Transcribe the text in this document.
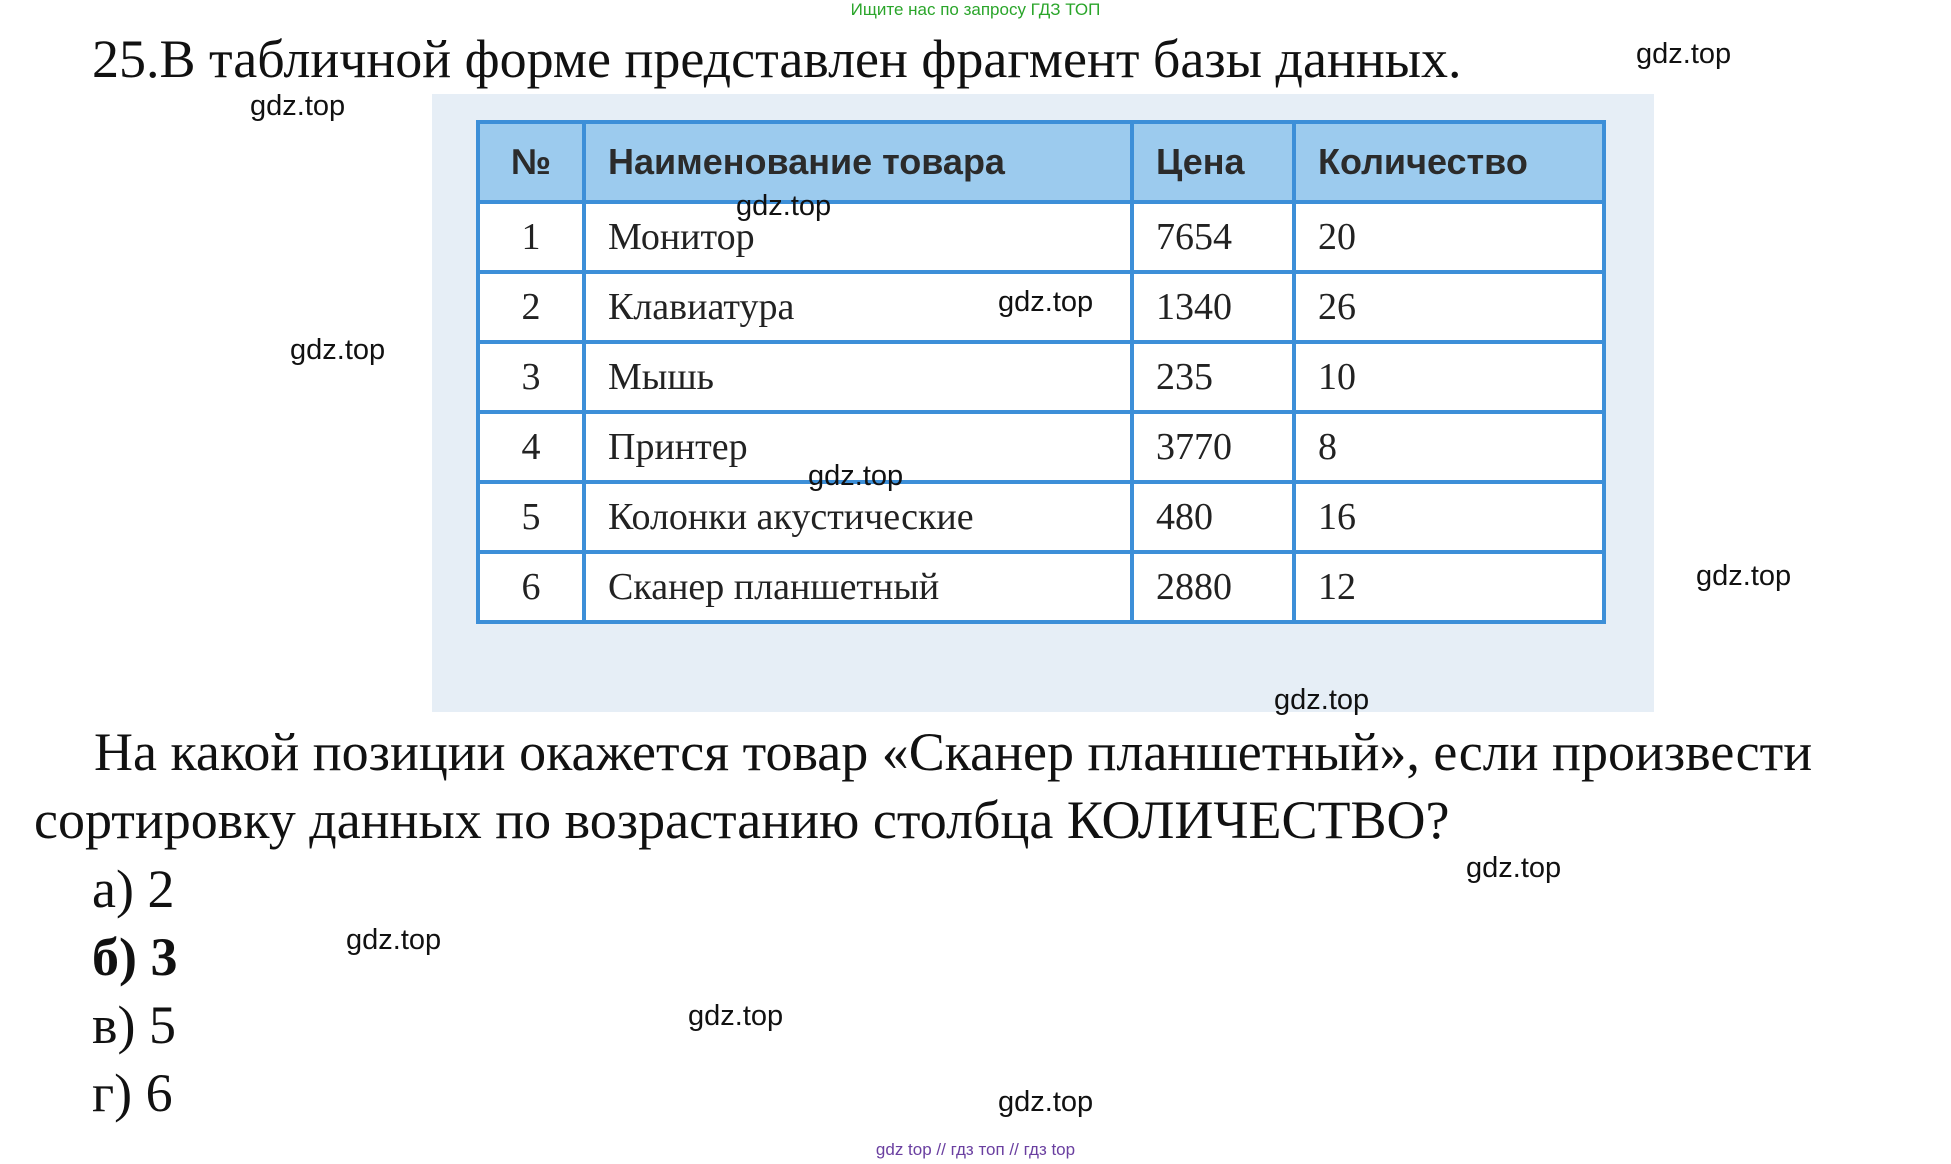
Ищите нас по запросу ГДЗ ТОП
25.В табличной форме представлен фрагмент базы данных.
№	Наименование товара	Цена	Количество
1	Монитор	7654	20
2	Клавиатура	1340	26
3	Мышь	235	10
4	Принтер	3770	8
5	Колонки акустические	480	16
6	Сканер планшетный	2880	12
На какой позиции окажется товар «Сканер планшетный», если произвести сортировку данных по возрастанию столбца КОЛИЧЕСТВО?
а) 2
б) 3
в) 5
г) 6
gdz.top
gdz.top
gdz.top
gdz.top
gdz.top
gdz.top
gdz.top
gdz.top
gdz.top
gdz.top
gdz.top
gdz.top
gdz top // гдз топ // гдз top
